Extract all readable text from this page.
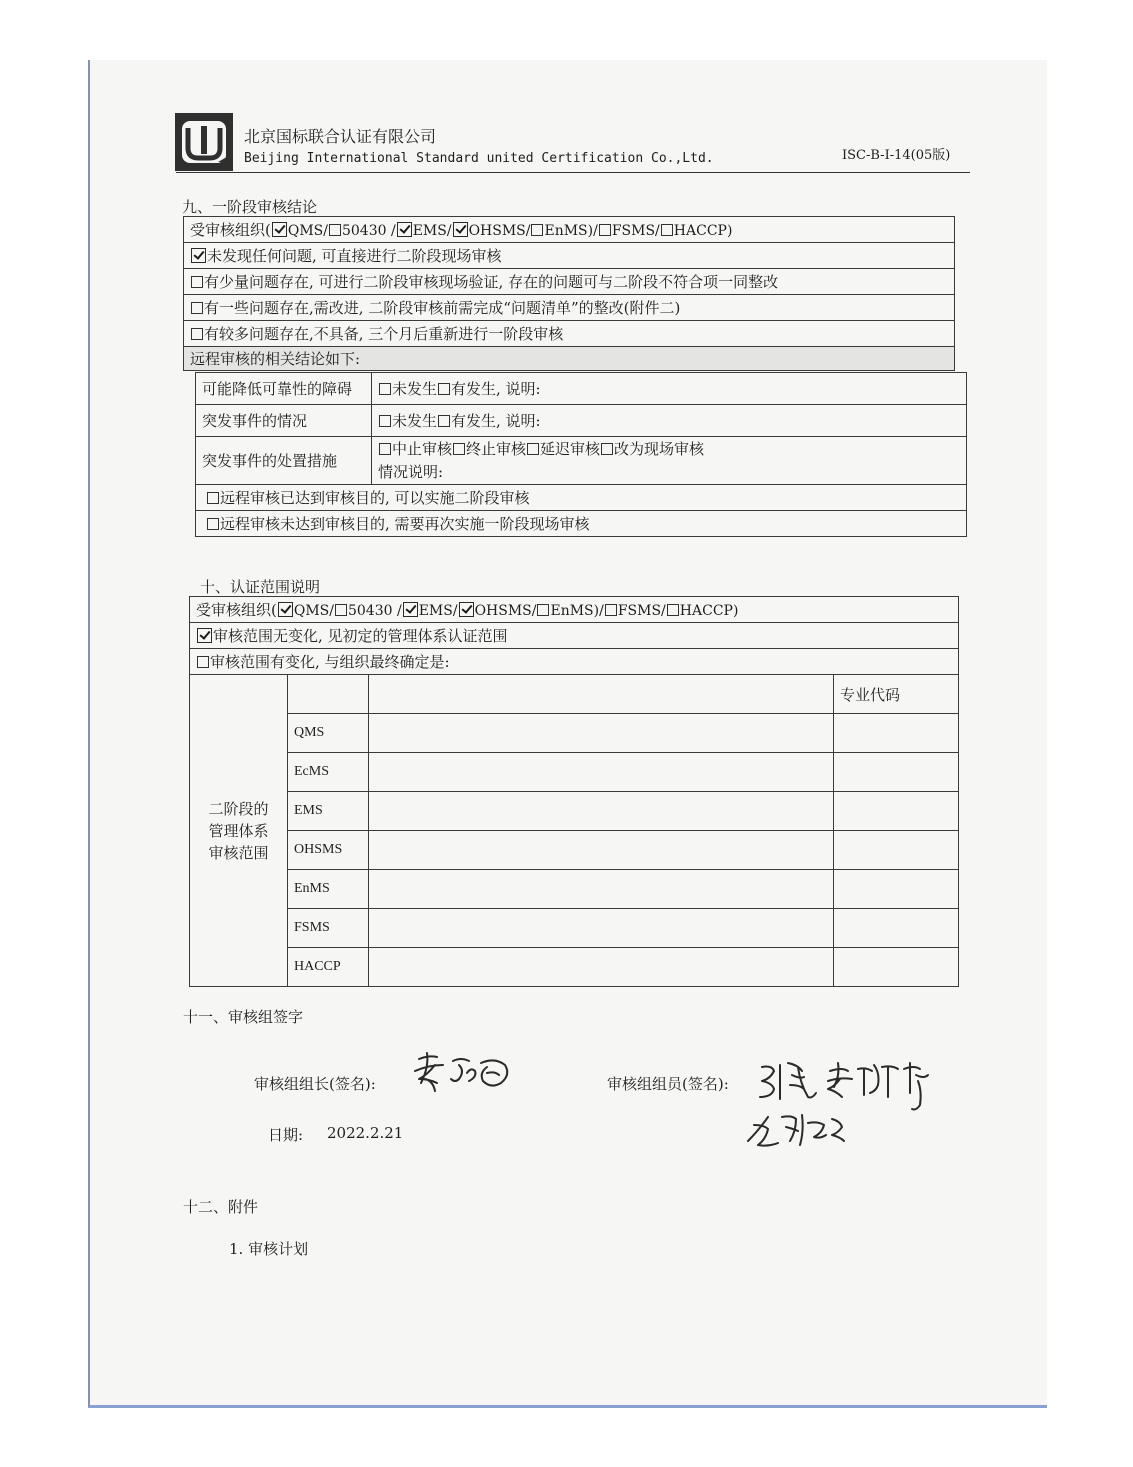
北京国标联合认证有限公司
Beijing International Standard united Certification Co.,Ltd.	ISC-B-I-14(05版)
九、一阶段审核结论
受审核组织( QMS/ 50430 / EMS/ OHSMS/ EnMS)/ FSMS/ HACCP)
未发现任何问题, 可直接进行二阶段现场审核
有少量问题存在, 可进行二阶段审核现场验证, 存在的问题可与二阶段不符合项一同整改
有一些问题存在,需改进, 二阶段审核前需完成“问题清单”的整改(附件二)
有较多问题存在,不具备, 三个月后重新进行一阶段审核
远程审核的相关结论如下:
可能降低可靠性的障碍	未发生 有发生, 说明:
突发事件的情况	未发生 有发生, 说明:
突发事件的处置措施	中止审核 终止审核 延迟审核 改为现场审核
情况说明:
远程审核已达到审核目的, 可以实施二阶段审核	
远程审核未达到审核目的, 需要再次实施一阶段现场审核	
十、认证范围说明
受审核组织( QMS/ 50430 / EMS/ OHSMS/ EnMS)/ FSMS/ HACCP)			
审核范围无变化, 见初定的管理体系认证范围			
审核范围有变化, 与组织最终确定是:			
二阶段的
管理体系
审核范围			专业代码
	QMS		
	EcMS		
	EMS		
	OHSMS		
	EnMS		
	FSMS		
	HACCP		
十一、审核组签字
审核组组长(签名):	审核组组员(签名):
日期: 2022.2.21
十二、附件
1. 审核计划
